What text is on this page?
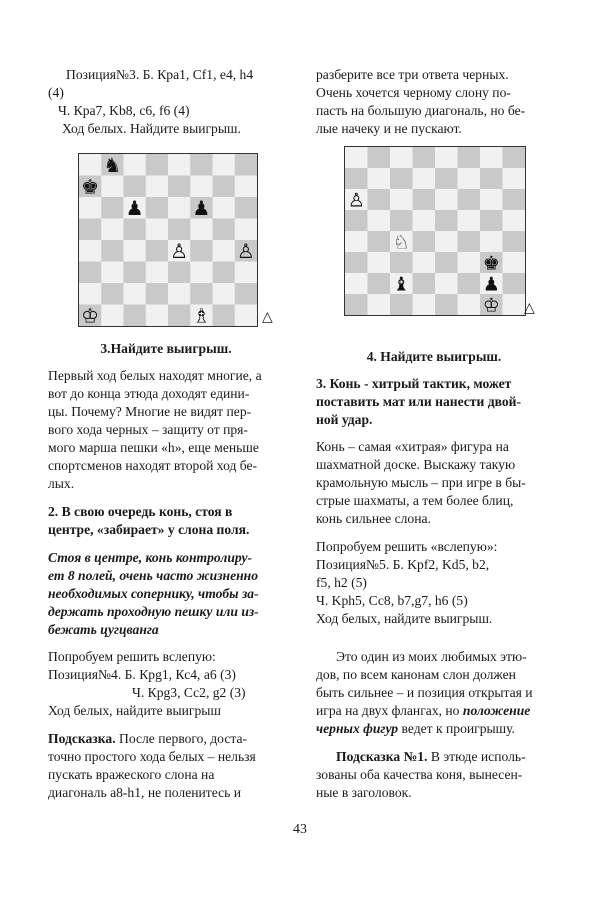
Позиция№3. Б. Кра1, Cf1, е4, h4
(4)
Ч. Кра7, Kb8, с6, f6 (4)
Ход белых. Найдите выигрыш.
♞
♚
♟ ♟
♙ ♙
♔	♗	△
3.Найдите выигрыш.
Первый ход белых находят многие, а
вот до конца этюда доходят едини-
цы. Почему? Многие не видят пер-
вого хода черных – защиту от пря-
мого марша пешки «h», еще меньше
спортсменов находят второй ход бе-
лых.
2. В свою очередь конь, стоя в
центре, «забирает» у слона поля.
Стоя в центре, конь контролиру-
ет 8 полей, очень часто жизненно
необходимых сопернику, чтобы за-
держать проходную пешку или из-
бежать цугцванга
Попробуем решить вслепую:
Позиция№4. Б. Кpg1, Кс4, а6 (3)
Ч. Кpg3, Сс2, g2 (3)
Ход белых, найдите выигрыш
Подсказка. После первого, доста-
точно простого хода белых – нельзя
пускать вражеского слона на
диагональ а8-h1, не поленитесь и
разберите все три ответа черных.
Очень хочется черному слону по-
пасть на большую диагональ, но бе-
лые начеку и не пускают.
♙
♘
♚
♝	♟
♔ △
4. Найдите выигрыш.
3. Конь - хитрый тактик, может
поставить мат или нанести двой-
ной удар.
Конь – самая «хитрая» фигура на
шахматной доске. Выскажу такую
крамольную мысль – при игре в бы-
стрые шахматы, а тем более блиц,
конь сильнее слона.
Попробуем решить «вслепую»:
Позиция№5. Б. Kpf2, Kd5, b2,
f5, h2 (5)
Ч. Kph5, Сс8, b7,g7, h6 (5)
Ход белых, найдите выигрыш.
Это один из моих любимых этю-
дов, по всем канонам слон должен
быть сильнее – и позиция открытая и
игра на двух флангах, но положение
черных фигур ведет к проигрышу.
Подсказка №1. В этюде исполь-
зованы оба качества коня, вынесен-
ные в заголовок.
43
